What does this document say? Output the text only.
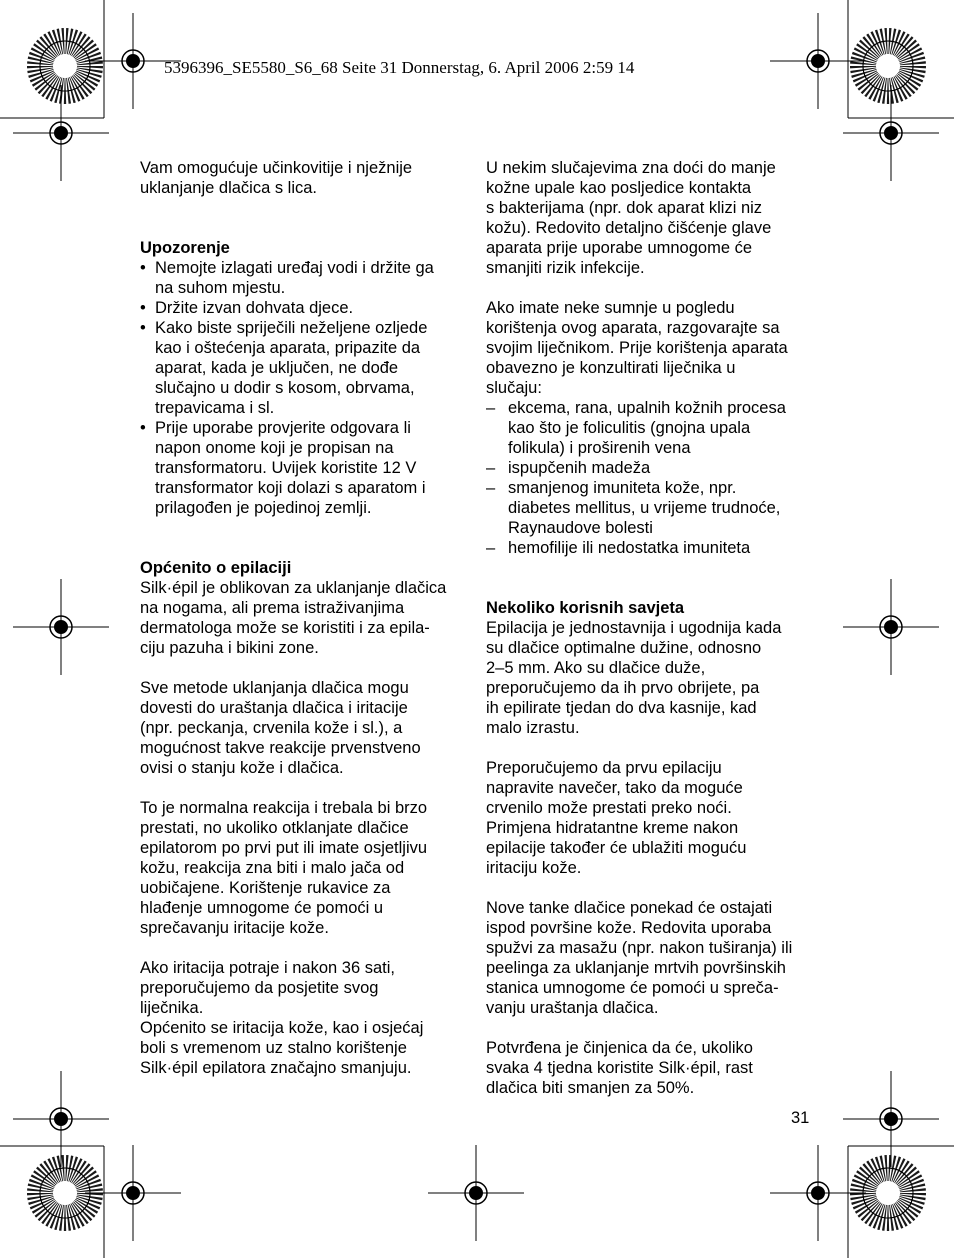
5396396_SE5580_S6_68 Seite 31 Donnerstag, 6. April 2006 2:59 14

Vam omogućuje učinkovitije i nježnije
uklanjanje dlačica s lica.

Upozorenje

• Nemojte izlagati uređaj vodi i držite ga
na suhom mjestu.
• Držite izvan dohvata djece.
• Kako biste spriječili neželjene ozljede
kao i oštećenja aparata, pripazite da
aparat, kada je uključen, ne dođe
slučajno u dodir s kosom, obrvama,
trepavicama i sl.
• Prije uporabe provjerite odgovara li
napon onome koji je propisan na
transformatoru. Uvijek koristite 12 V
transformator koji dolazi s aparatom i
prilagođen je pojedinoj zemlji.

Općenito o epilaciji

Silk·épil je oblikovan za uklanjanje dlačica
na nogama, ali prema istraživanjima
dermatologa može se koristiti i za epila-
ciju pazuha i bikini zone.

Sve metode uklanjanja dlačica mogu
dovesti do uraštanja dlačica i iritacije
(npr. peckanja, crvenila kože i sl.), a
mogućnost takve reakcije prvenstveno
ovisi o stanju kože i dlačica.

To je normalna reakcija i trebala bi brzo
prestati, no ukoliko otklanjate dlačice
epilatorom po prvi put ili imate osjetljivu
kožu, reakcija zna biti i malo jača od
uobičajene. Korištenje rukavice za
hlađenje umnogome će pomoći u
sprečavanju iritacije kože.

Ako iritacija potraje i nakon 36 sati,
preporučujemo da posjetite svog
liječnika.

Općenito se iritacija kože, kao i osjećaj
boli s vremenom uz stalno korištenje
Silk·épil epilatora značajno smanjuju.

U nekim slučajevima zna doći do manje
kožne upale kao posljedice kontakta
s bakterijama (npr. dok aparat klizi niz
kožu). Redovito detaljno čišćenje glave
aparata prije uporabe umnogome će
smanjiti rizik infekcije.

Ako imate neke sumnje u pogledu
korištenja ovog aparata, razgovarajte sa
svojim liječnikom. Prije korištenja aparata
obavezno je konzultirati liječnika u
slučaju:

– ekcema, rana, upalnih kožnih procesa
kao što je foliculitis (gnojna upala
folikula) i proširenih vena
– ispupčenih madeža
– smanjenog imuniteta kože, npr.
diabetes mellitus, u vrijeme trudnoće,
Raynaudove bolesti
– hemofilije ili nedostatka imuniteta

Nekoliko korisnih savjeta

Epilacija je jednostavnija i ugodnija kada
su dlačice optimalne dužine, odnosno
2–5 mm. Ako su dlačice duže,
preporučujemo da ih prvo obrijete, pa
ih epilirate tjedan do dva kasnije, kad
malo izrastu.

Preporučujemo da prvu epilaciju
napravite navečer, tako da moguće
crvenilo može prestati preko noći.
Primjena hidratantne kreme nakon
epilacije također će ublažiti moguću
iritaciju kože.

Nove tanke dlačice ponekad će ostajati
ispod površine kože. Redovita uporaba
spužvi za masažu (npr. nakon tuširanja) ili
peelinga za uklanjanje mrtvih površinskih
stanica umnogome će pomoći u spreča-
vanju uraštanja dlačica.

Potvrđena je činjenica da će, ukoliko
svaka 4 tjedna koristite Silk·épil, rast
dlačica biti smanjen za 50%.

31
